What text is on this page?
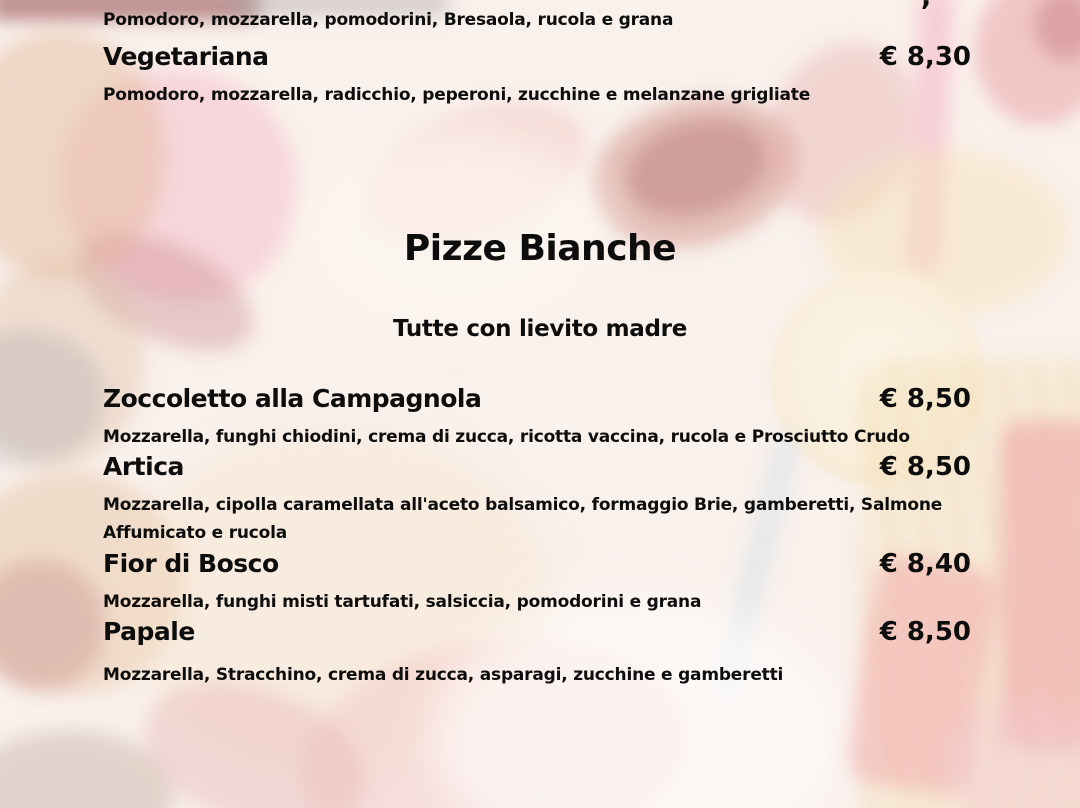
Pomodoro, mozzarella, pomodorini, Bresaola, rucola e grana
Vegetariana	€ 8,30
Pomodoro, mozzarella, radicchio, peperoni, zucchine e melanzane grigliate
Pizze Bianche
Tutte con lievito madre
Zoccoletto alla Campagnola	€ 8,50
Mozzarella, funghi chiodini, crema di zucca, ricotta vaccina, rucola e Prosciutto Crudo
Artica	€ 8,50
Mozzarella, cipolla caramellata all'aceto balsamico, formaggio Brie, gamberetti, Salmone Affumicato e rucola
Fior di Bosco	€ 8,40
Mozzarella, funghi misti tartufati, salsiccia, pomodorini e grana
Papale	€ 8,50
Mozzarella, Stracchino, crema di zucca, asparagi, zucchine e gamberetti
